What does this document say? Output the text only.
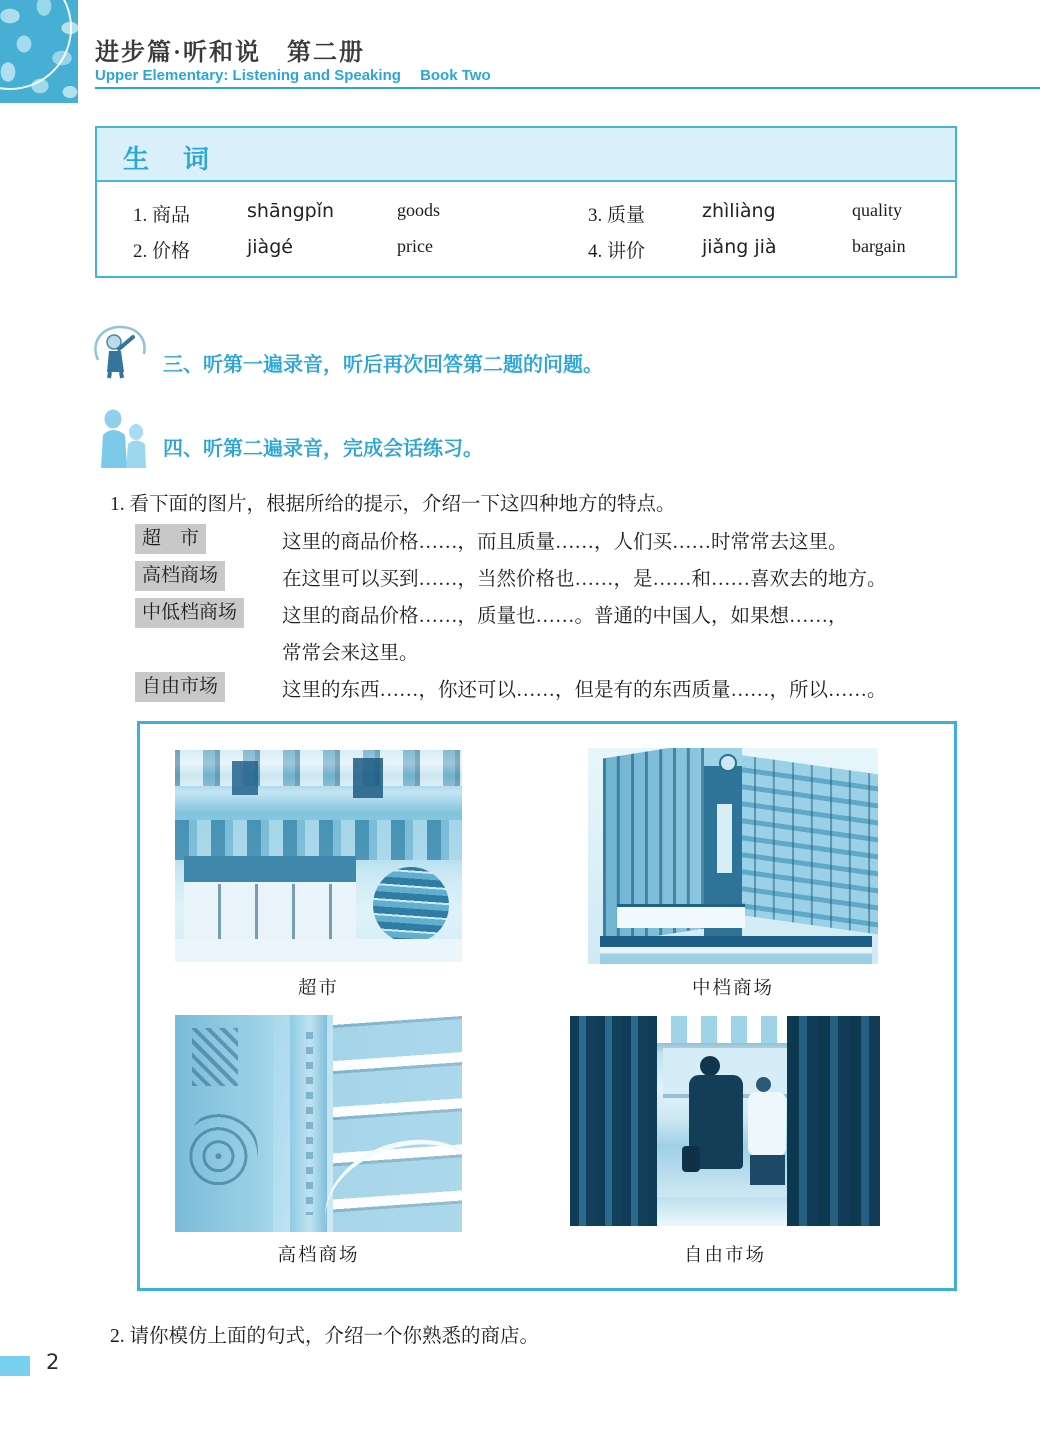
进步篇·听和说　第二册
Upper Elementary: Listening and Speaking　 Book Two
生　词
1. 商品	shāngpǐn	goods
2. 价格	jiàgé	price
3. 质量	zhìliàng	quality
4. 讲价	jiǎng jià	bargain
三、听第一遍录音，听后再次回答第二题的问题。
四、听第二遍录音，完成会话练习。
1. 看下面的图片，根据所给的提示，介绍一下这四种地方的特点。
超　市	这里的商品价格……，而且质量……，人们买……时常常去这里。
高档商场	在这里可以买到……，当然价格也……，是……和……喜欢去的地方。
中低档商场	这里的商品价格……，质量也……。普通的中国人，如果想……，
常常会来这里。
自由市场	这里的东西……，你还可以……，但是有的东西质量……，所以……。
超市	中档商场
高档商场	自由市场
2. 请你模仿上面的句式，介绍一个你熟悉的商店。
2
